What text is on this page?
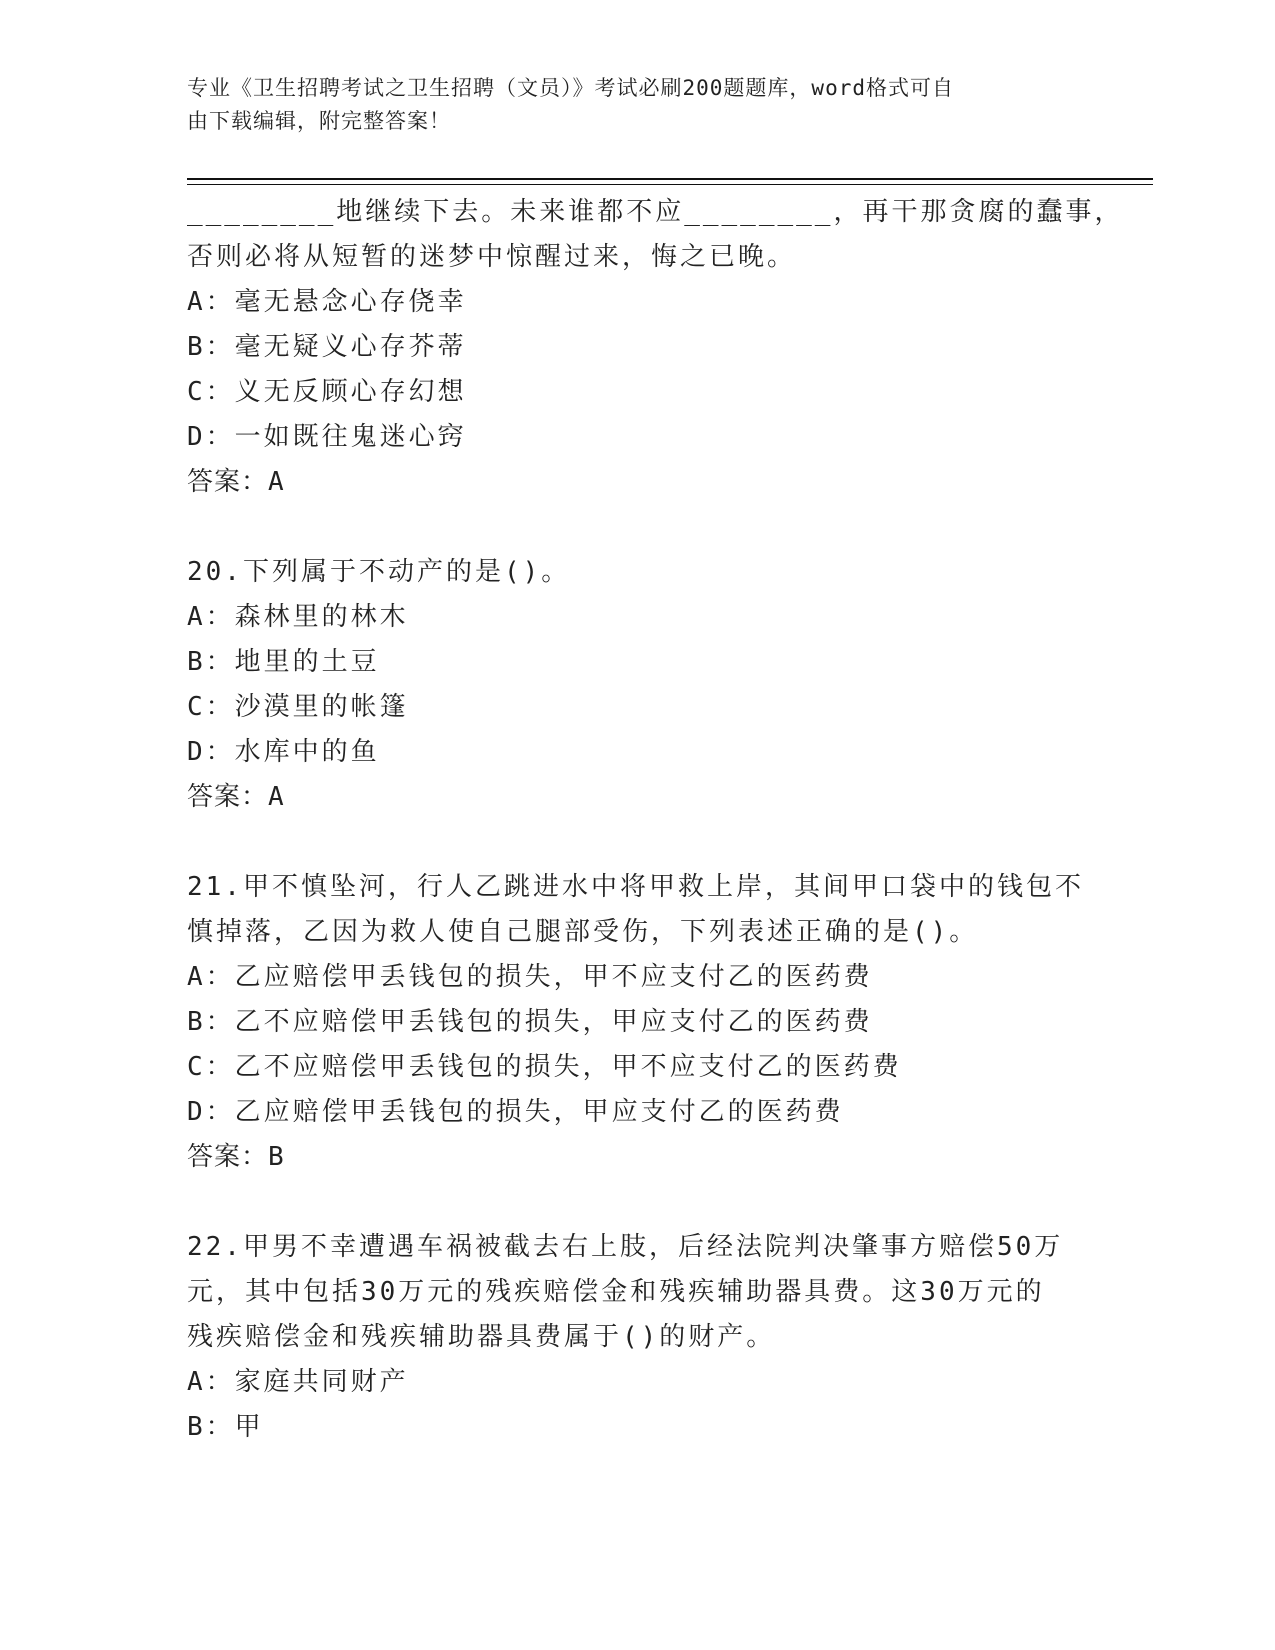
专业《卫生招聘考试之卫生招聘（文员）》考试必刷200题题库，word格式可自
由下载编辑，附完整答案！
________地继续下去。未来谁都不应________，再干那贪腐的蠢事，
否则必将从短暂的迷梦中惊醒过来，悔之已晚。
A：毫无悬念心存侥幸
B：毫无疑义心存芥蒂
C：义无反顾心存幻想
D：一如既往鬼迷心窍
答案：A
20.下列属于不动产的是()。
A：森林里的林木
B：地里的土豆
C：沙漠里的帐篷
D：水库中的鱼
答案：A
21.甲不慎坠河，行人乙跳进水中将甲救上岸，其间甲口袋中的钱包不
慎掉落，乙因为救人使自己腿部受伤，下列表述正确的是()。
A：乙应赔偿甲丢钱包的损失，甲不应支付乙的医药费
B：乙不应赔偿甲丢钱包的损失，甲应支付乙的医药费
C：乙不应赔偿甲丢钱包的损失，甲不应支付乙的医药费
D：乙应赔偿甲丢钱包的损失，甲应支付乙的医药费
答案：B
22.甲男不幸遭遇车祸被截去右上肢，后经法院判决肇事方赔偿50万
元，其中包括30万元的残疾赔偿金和残疾辅助器具费。这30万元的
残疾赔偿金和残疾辅助器具费属于()的财产。
A：家庭共同财产
B：甲
